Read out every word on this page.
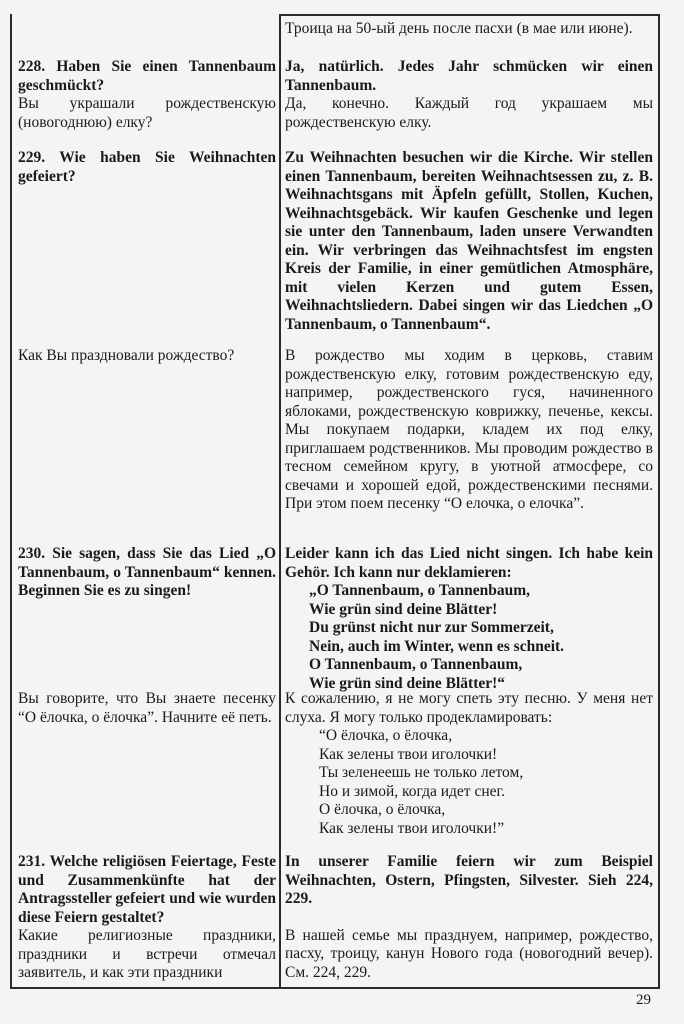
Троица на 50-ый день после пасхи (в мае или июне).

228. Haben Sie einen Tannenbaum geschmückt?

Вы украшали рождественскую (новогоднюю) елку?

Ja, natürlich. Jedes Jahr schmücken wir einen Tannenbaum.

Да, конечно. Каждый год украшаем мы рождественскую елку.

229. Wie haben Sie Weihnachten gefeiert?

Zu Weihnachten besuchen wir die Kirche. Wir stellen einen Tannenbaum, bereiten Weihnachtsessen zu, z. B. Weihnachtsgans mit Äpfeln gefüllt, Stollen, Kuchen, Weihnachtsgebäck. Wir kaufen Geschenke und legen sie unter den Tannenbaum, laden unsere Verwandten ein. Wir verbringen das Weihnachtsfest im engsten Kreis der Familie, in einer gemütlichen Atmosphäre, mit vielen Kerzen und gutem Essen, Weihnachtsliedern. Dabei singen wir das Liedchen „O Tannenbaum, o Tannenbaum“.

Как Вы праздновали рождество?	В рождество мы ходим в церковь, ставим рождественскую елку, готовим рождественскую еду, например, рождественского гуся, начиненного яблоками, рождественскую коврижку, печенье, кексы. Мы покупаем подарки, кладем их под елку, приглашаем родственников. Мы проводим рождество в тесном семейном кругу, в уютной атмосфере, со свечами и хорошей едой, рождественскими песнями. При этом поем песенку “О елочка, о елочка”.

230. Sie sagen, dass Sie das Lied „O Tannenbaum, o Tannenbaum“ kennen. Beginnen Sie es zu singen!

Leider kann ich das Lied nicht singen. Ich habe kein Gehör. Ich kann nur deklamieren:

„O Tannenbaum, o Tannenbaum,

Wie grün sind deine Blätter!

Du grünst nicht nur zur Sommerzeit,

Nein, auch im Winter, wenn es schneit.

O Tannenbaum, o Tannenbaum,

Wie grün sind deine Blätter!“

Вы говорите, что Вы знаете песенку “О ёлочка, о ёлочка”. Начните её петь.

К сожалению, я не могу спеть эту песню. У меня нет слуха. Я могу только продекламировать:

“О ёлочка, о ёлочка,

Как зелены твои иголочки!

Ты зеленеешь не только летом,

Но и зимой, когда идет снег.

О ёлочка, о ёлочка,

Как зелены твои иголочки!”

231. Welche religiösen Feiertage, Feste und Zusammenkünfte hat der Antragssteller gefeiert und wie wurden diese Feiern gestaltet?

Какие религиозные праздники, праздники и встречи отмечал заявитель, и как эти праздники

In unserer Familie feiern wir zum Beispiel Weihnachten, Ostern, Pfingsten, Silvester. Sieh 224, 229.

В нашей семье мы празднуем, например, рождество, пасху, троицу, канун Нового года (новогодний вечер). См. 224, 229.

29
